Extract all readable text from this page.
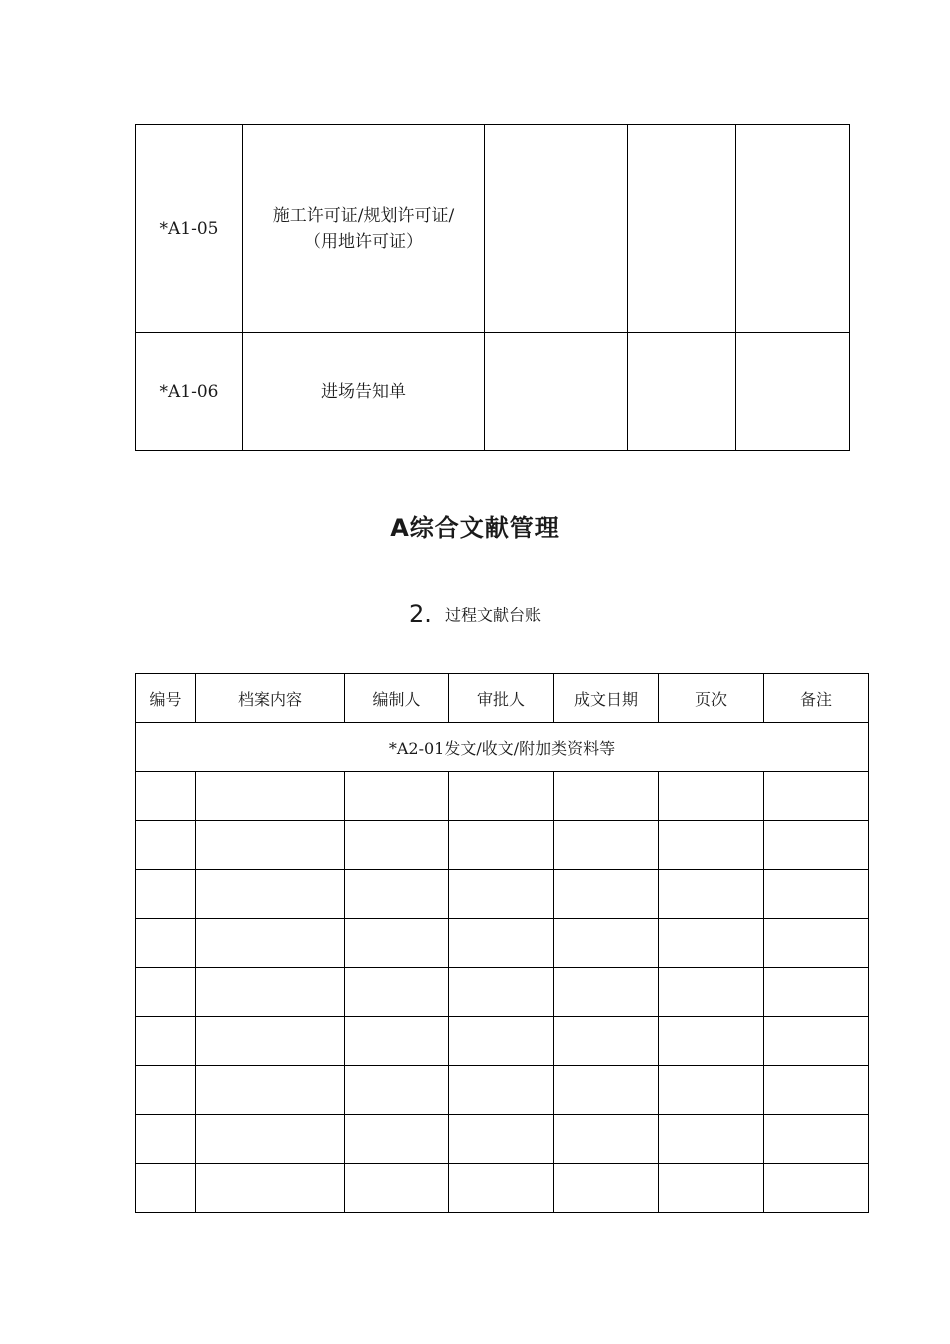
*A1-05	施工许可证/规划许可证/
（用地许可证）			

*A1-06	进场告知单			
A综合文献管理
2. 过程文献台账
编号	档案内容	编制人	审批人	成文日期	页次	备注
*A2-01发文/收文/附加类资料等						
